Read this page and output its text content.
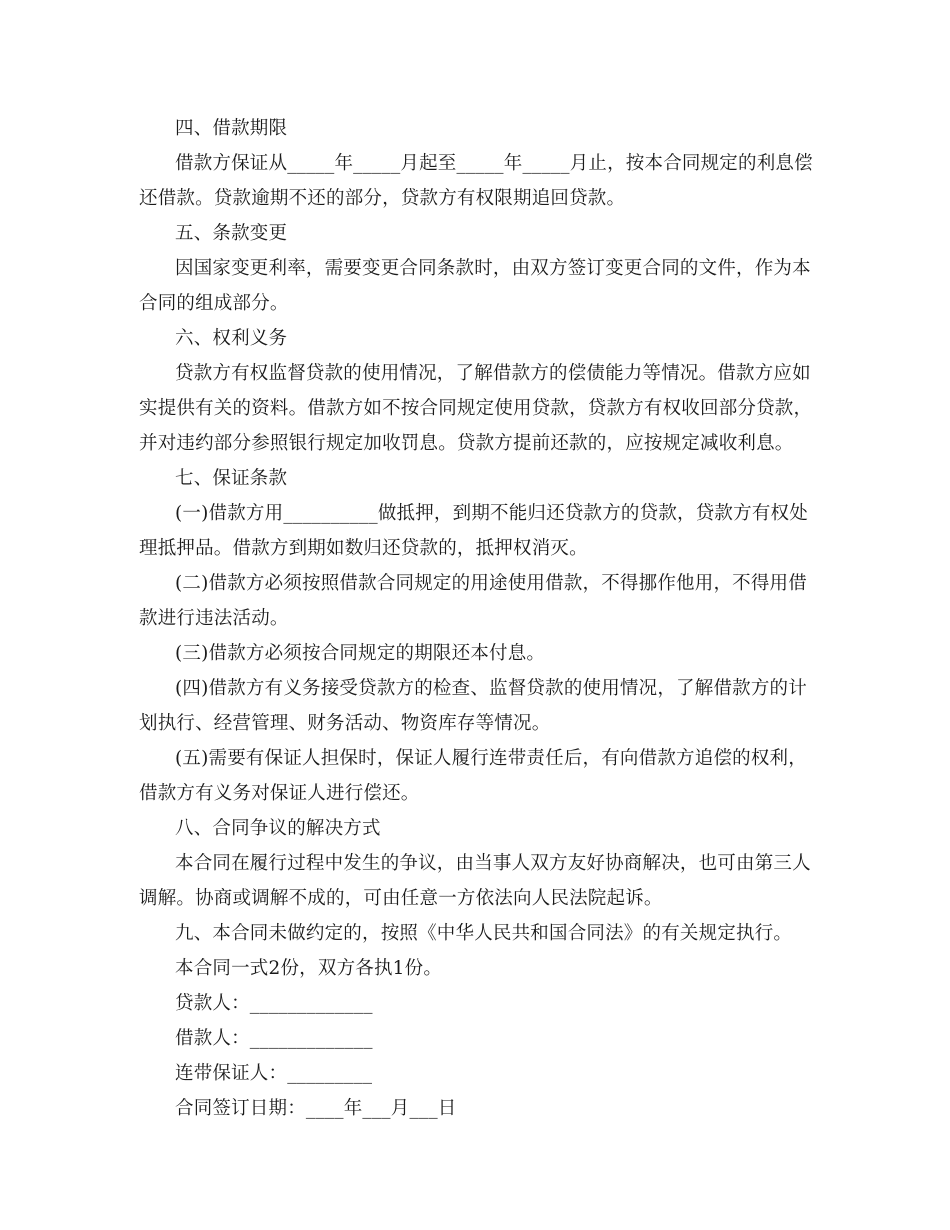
四、借款期限
借款方保证从_____年_____月起至_____年_____月止，按本合同规定的利息偿
还借款。贷款逾期不还的部分，贷款方有权限期追回贷款。
五、条款变更
因国家变更利率，需要变更合同条款时，由双方签订变更合同的文件，作为本
合同的组成部分。
六、权利义务
贷款方有权监督贷款的使用情况，了解借款方的偿债能力等情况。借款方应如
实提供有关的资料。借款方如不按合同规定使用贷款，贷款方有权收回部分贷款，
并对违约部分参照银行规定加收罚息。贷款方提前还款的，应按规定减收利息。
七、保证条款
(一)借款方用__________做抵押，到期不能归还贷款方的贷款，贷款方有权处
理抵押品。借款方到期如数归还贷款的，抵押权消灭。
(二)借款方必须按照借款合同规定的用途使用借款，不得挪作他用，不得用借
款进行违法活动。
(三)借款方必须按合同规定的期限还本付息。
(四)借款方有义务接受贷款方的检查、监督贷款的使用情况，了解借款方的计
划执行、经营管理、财务活动、物资库存等情况。
(五)需要有保证人担保时，保证人履行连带责任后，有向借款方追偿的权利，
借款方有义务对保证人进行偿还。
八、合同争议的解决方式
本合同在履行过程中发生的争议，由当事人双方友好协商解决，也可由第三人
调解。协商或调解不成的，可由任意一方依法向人民法院起诉。
九、本合同未做约定的，按照《中华人民共和国合同法》的有关规定执行。
本合同一式2份，双方各执1份。
贷款人：_____________
借款人：_____________
连带保证人：_________
合同签订日期：____年___月___日
